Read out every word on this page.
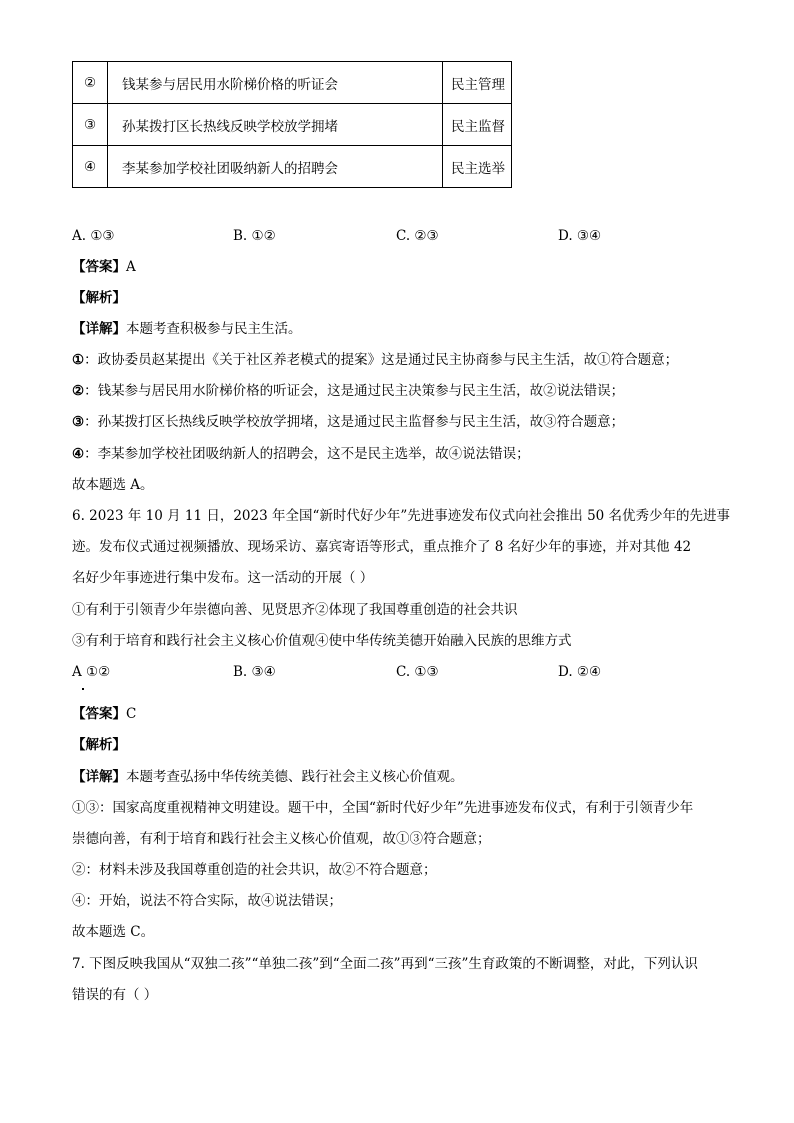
②	钱某参与居民用水阶梯价格的听证会	民主管理
③	孙某拨打区长热线反映学校放学拥堵	民主监督
④	李某参加学校社团吸纳新人的招聘会	民主选举
A. ①③	B. ①②	C. ②③	D. ③④
【答案】A
【解析】
【详解】本题考查积极参与民主生活。
①：政协委员赵某提出《关于社区养老模式的提案》这是通过民主协商参与民主生活，故①符合题意；
②：钱某参与居民用水阶梯价格的听证会，这是通过民主决策参与民主生活，故②说法错误；
③：孙某拨打区长热线反映学校放学拥堵，这是通过民主监督参与民主生活，故③符合题意；
④：李某参加学校社团吸纳新人的招聘会，这不是民主选举，故④说法错误；
故本题选 A。
6. 2023 年 10 月 11 日，2023 年全国“新时代好少年”先进事迹发布仪式向社会推出 50 名优秀少年的先进事
迹。发布仪式通过视频播放、现场采访、嘉宾寄语等形式，重点推介了 8 名好少年的事迹，并对其他 42
名好少年事迹进行集中发布。这一活动的开展（ ）
①有利于引领青少年崇德向善、见贤思齐②体现了我国尊重创造的社会共识
③有利于培育和践行社会主义核心价值观④使中华传统美德开始融入民族的思维方式
A ①②	B. ③④	C. ①③	D. ②④
【答案】C
【解析】
【详解】本题考查弘扬中华传统美德、践行社会主义核心价值观。
①③：国家高度重视精神文明建设。题干中，全国“新时代好少年”先进事迹发布仪式，有利于引领青少年
崇德向善，有利于培育和践行社会主义核心价值观，故①③符合题意；
②：材料未涉及我国尊重创造的社会共识，故②不符合题意；
④：开始，说法不符合实际，故④说法错误；
故本题选 C。
7. 下图反映我国从“双独二孩”“单独二孩”到“全面二孩”再到“三孩”生育政策的不断调整，对此，下列认识
错误的有（ ）
